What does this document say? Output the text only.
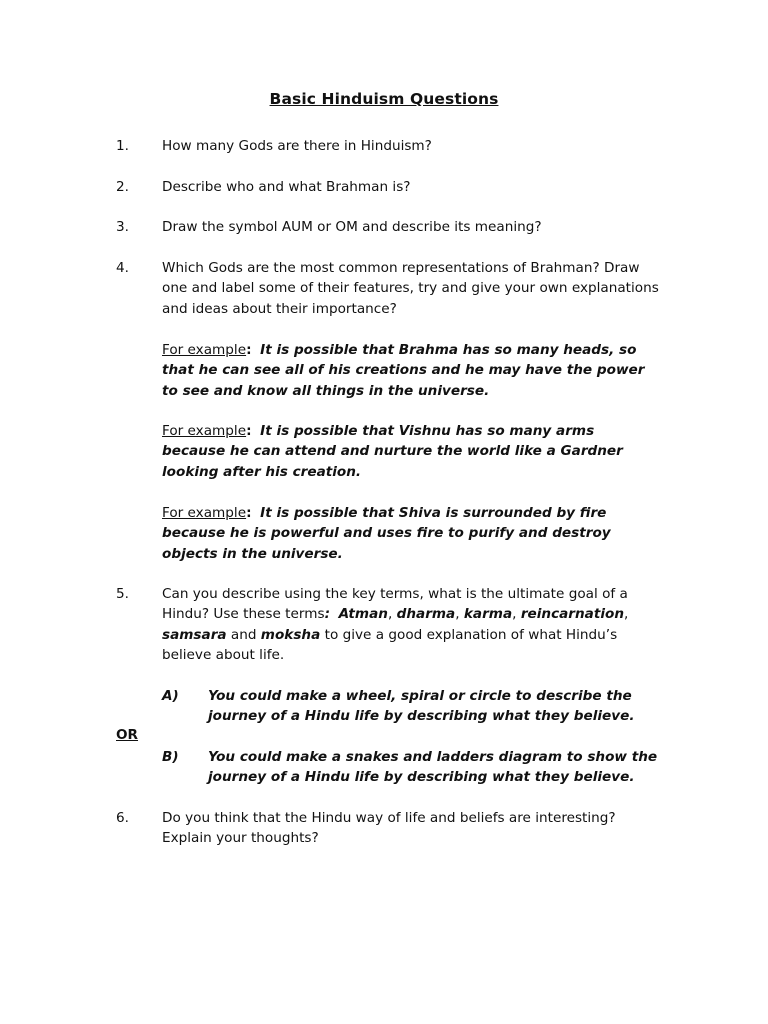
Basic Hinduism Questions
1.	How many Gods are there in Hinduism?
2.	Describe who and what Brahman is?
3.	Draw the symbol AUM or OM and describe its meaning?
4.	Which Gods are the most common representations of Brahman? Draw one and label some of their features, try and give your own explanations and ideas about their importance?
For example: It is possible that Brahma has so many heads, so that he can see all of his creations and he may have the power to see and know all things in the universe.
For example: It is possible that Vishnu has so many arms because he can attend and nurture the world like a Gardner looking after his creation.
For example: It is possible that Shiva is surrounded by fire because he is powerful and uses fire to purify and destroy objects in the universe.
5.	Can you describe using the key terms, what is the ultimate goal of a Hindu? Use these terms: Atman, dharma, karma, reincarnation, samsara and moksha to give a good explanation of what Hindu’s believe about life.
A)	You could make a wheel, spiral or circle to describe the journey of a Hindu life by describing what they believe.
OR
B)	You could make a snakes and ladders diagram to show the journey of a Hindu life by describing what they believe.
6.	Do you think that the Hindu way of life and beliefs are interesting? Explain your thoughts?
